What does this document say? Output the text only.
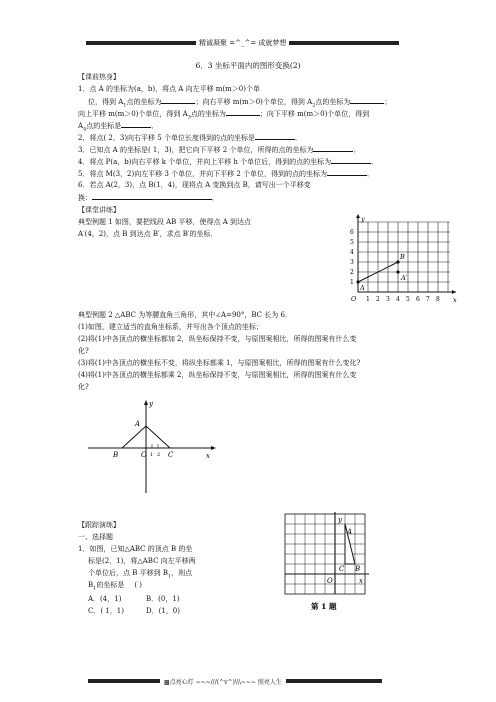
精诚凝聚 =^_^= 成就梦想
6．3 坐标平面内的图形变换(2)
【课前热身】
1．点 A 的坐标为(a，b)，将点 A 向左平移 m(m＞0)个单
位，得到 $A_1$点的坐标为	；向右平移 m(m＞0)个单位，得到 $A_2$点的坐标为	；
向上平移 m(m＞0)个单位，得到 $A_3$点的坐标为	；向下平移 m(m＞0)个单位，得到
$A_4$点的坐标是	．
2．将点( 2，3)向右平移 5 个单位长度得到的点的坐标是	．
3．已知点 A 的坐标是( 1，3)，把它向下平移 2 个单位，所得的点的坐标为	．
4．将点 P(a，b)向右平移 k 个单位，并向上平移 h 个单位后，得到的点的坐标为	．
5．将点 M(3，2)向左平移 3 个单位，并向下平移 2 个单位，得到的点的坐标为	．
6．若点 A(2，3)，点 B(1，4)，现将点 A 变换到点 B，请写出一个平移变
换：	．
【课堂讲练】
典型例题 1 如图，要把线段 AB 平移，使得点 A 到达点
A′(4，2)，点 B 到达点 B′，求点 B′的坐标．
y
x
A
B
A′
O
1
2
3
4
5
6
1 2 3 4 5 6 7 8
典型例题 2 △ABC 为等腰直角三角形，其中∠A=90°，BC 长为 6．
(1)如图，建立适当的直角坐标系，并写出各个顶点的坐标；
(2)将(1)中各顶点的横坐标都加 2，纵坐标保持不变，与原图案相比，所得的图案有什么变
化?
(3)将(1)中各顶点的横坐标不变，将纵坐标都乘 1，与原图案相比，所得的图案有什么变化?
(4)将(1)中各顶点的横坐标都乘 2，纵坐标保持不变，与原图案相比，所得的图案有什么变
化?
A
B	C
O	x
y
1 2
【跟踪演练】
一、选择题
1．如图，已知△ABC 的顶点 B 的坐
标是(2，1)，将△ABC 向左平移两
个单位后，点 B 平移到 $B_1$，则点
$B_1$的坐标是 ( )
A．(4，1)	B．(0，1)
C．( 1，1)	D．(1，0)
A
C B
O	x
y
第 1 题
▩点亮心灯 ~~~///(^v^)\\\~~~ 照亮人生
